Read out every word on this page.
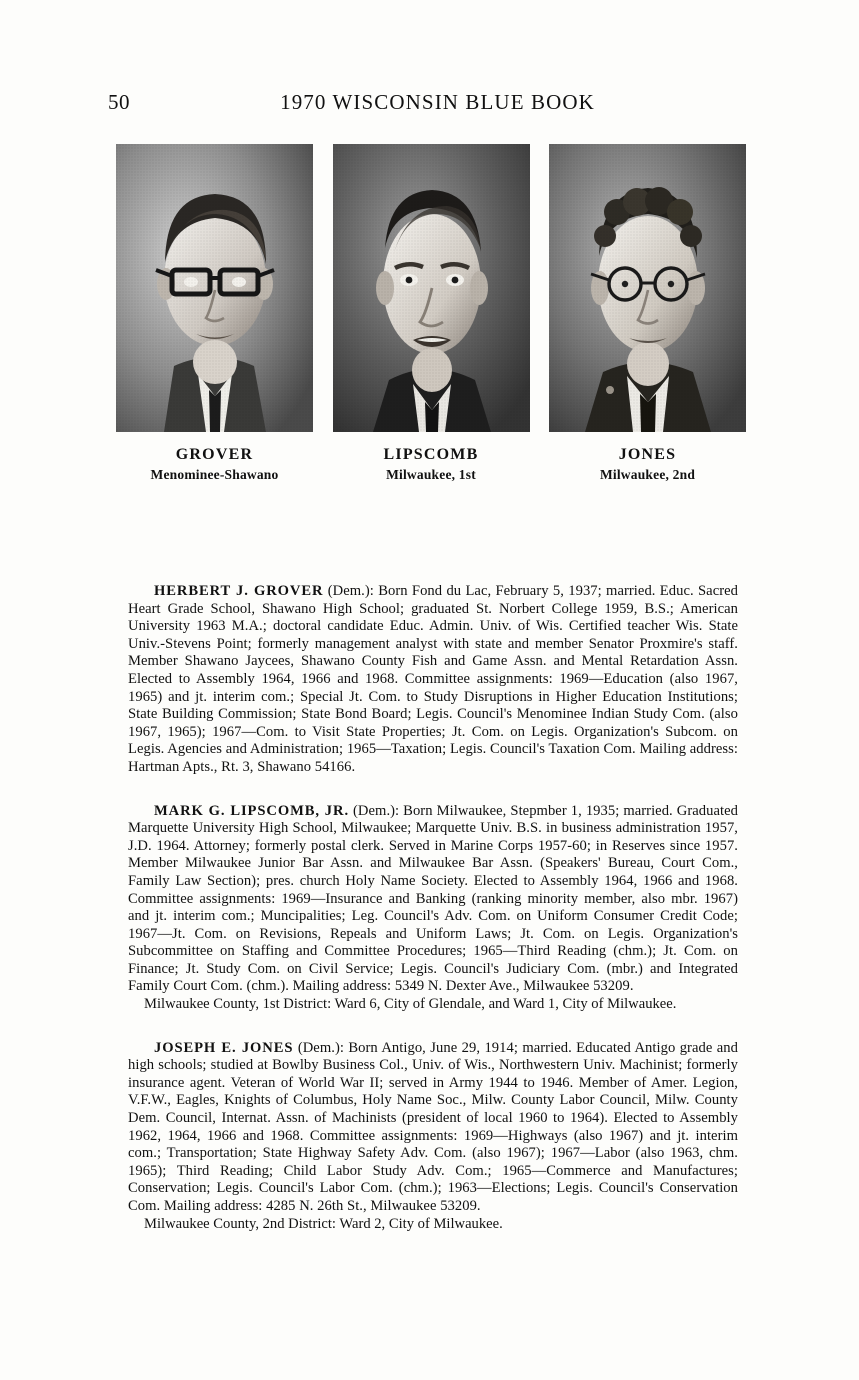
50	1970 WISCONSIN BLUE BOOK
GROVER
Menominee-Shawano
LIPSCOMB
Milwaukee, 1st
JONES
Milwaukee, 2nd

HERBERT J. GROVER (Dem.): Born Fond du Lac, February 5, 1937; married. Educ. Sacred Heart Grade School, Shawano High School; graduated St. Norbert College 1959, B.S.; American University 1963 M.A.; doctoral candidate Educ. Admin. Univ. of Wis. Certified teacher Wis. State Univ.-Stevens Point; formerly management analyst with state and member Senator Proxmire's staff. Member Shawano Jaycees, Shawano County Fish and Game Assn. and Mental Retardation Assn. Elected to Assembly 1964, 1966 and 1968. Committee assignments: 1969—Education (also 1967, 1965) and jt. interim com.; Special Jt. Com. to Study Disruptions in Higher Education Institutions; State Building Commission; State Bond Board; Legis. Council's Menominee Indian Study Com. (also 1967, 1965); 1967—Com. to Visit State Properties; Jt. Com. on Legis. Organization's Subcom. on Legis. Agencies and Administration; 1965—Taxation; Legis. Council's Taxation Com. Mailing address: Hartman Apts., Rt. 3, Shawano 54166.

MARK G. LIPSCOMB, JR. (Dem.): Born Milwaukee, Stepmber 1, 1935; married. Graduated Marquette University High School, Milwaukee; Marquette Univ. B.S. in business administration 1957, J.D. 1964. Attorney; formerly postal clerk. Served in Marine Corps 1957-60; in Reserves since 1957. Member Milwaukee Junior Bar Assn. and Milwaukee Bar Assn. (Speakers' Bureau, Court Com., Family Law Section); pres. church Holy Name Society. Elected to Assembly 1964, 1966 and 1968. Committee assignments: 1969—Insurance and Banking (ranking minority member, also mbr. 1967) and jt. interim com.; Muncipalities; Leg. Council's Adv. Com. on Uniform Consumer Credit Code; 1967—Jt. Com. on Revisions, Repeals and Uniform Laws; Jt. Com. on Legis. Organization's Subcommittee on Staffing and Committee Procedures; 1965—Third Reading (chm.); Jt. Com. on Finance; Jt. Study Com. on Civil Service; Legis. Council's Judiciary Com. (mbr.) and Integrated Family Court Com. (chm.). Mailing address: 5349 N. Dexter Ave., Milwaukee 53209.

Milwaukee County, 1st District: Ward 6, City of Glendale, and Ward 1, City of Milwaukee.

JOSEPH E. JONES (Dem.): Born Antigo, June 29, 1914; married. Educated Antigo grade and high schools; studied at Bowlby Business Col., Univ. of Wis., Northwestern Univ. Machinist; formerly insurance agent. Veteran of World War II; served in Army 1944 to 1946. Member of Amer. Legion, V.F.W., Eagles, Knights of Columbus, Holy Name Soc., Milw. County Labor Council, Milw. County Dem. Council, Internat. Assn. of Machinists (president of local 1960 to 1964). Elected to Assembly 1962, 1964, 1966 and 1968. Committee assignments: 1969—Highways (also 1967) and jt. interim com.; Transportation; State Highway Safety Adv. Com. (also 1967); 1967—Labor (also 1963, chm. 1965); Third Reading; Child Labor Study Adv. Com.; 1965—Commerce and Manufactures; Conservation; Legis. Council's Labor Com. (chm.); 1963—Elections; Legis. Council's Conservation Com. Mailing address: 4285 N. 26th St., Milwaukee 53209.

Milwaukee County, 2nd District: Ward 2, City of Milwaukee.
